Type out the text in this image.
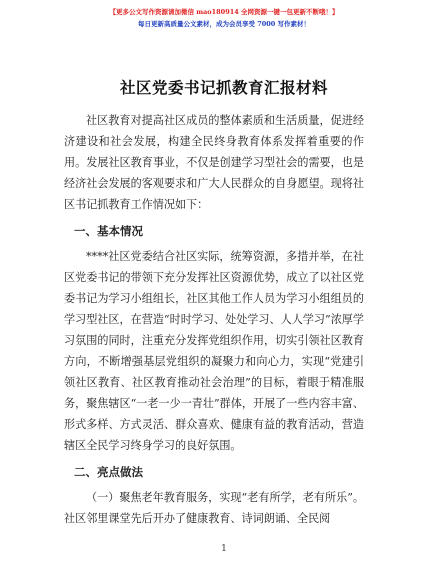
【更多公文写作资源请加微信 mao180914 全网资源一键一包更新不断哦！】
每日更新高质量公文素材，成为会员享受 7000 写作素材！
社区党委书记抓教育汇报材料

社区教育对提高社区成员的整体素质和生活质量，促进经济建设和社会发展，构建全民终身教育体系发挥着重要的作用。发展社区教育事业，不仅是创建学习型社会的需要，也是经济社会发展的客观要求和广大人民群众的自身愿望。现将社区书记抓教育工作情况如下：

一、基本情况

****社区党委结合社区实际，统筹资源，多措并举，在社区党委书记的带领下充分发挥社区资源优势，成立了以社区党委书记为学习小组组长，社区其他工作人员为学习小组组员的学习型社区，在营造“时时学习、处处学习、人人学习”浓厚学习氛围的同时，注重充分发挥党组织作用，切实引领社区教育方向，不断增强基层党组织的凝聚力和向心力，实现“党建引领社区教育、社区教育推动社会治理”的目标，着眼于精准服务，聚焦辖区“一老一少一青壮”群体，开展了一些内容丰富、形式多样、方式灵活、群众喜欢、健康有益的教育活动，营造辖区全民学习终身学习的良好氛围。

二、亮点做法

（一）聚焦老年教育服务，实现“老有所学，老有所乐”。社区邻里课堂先后开办了健康教育、诗词朗诵、全民阅

1
